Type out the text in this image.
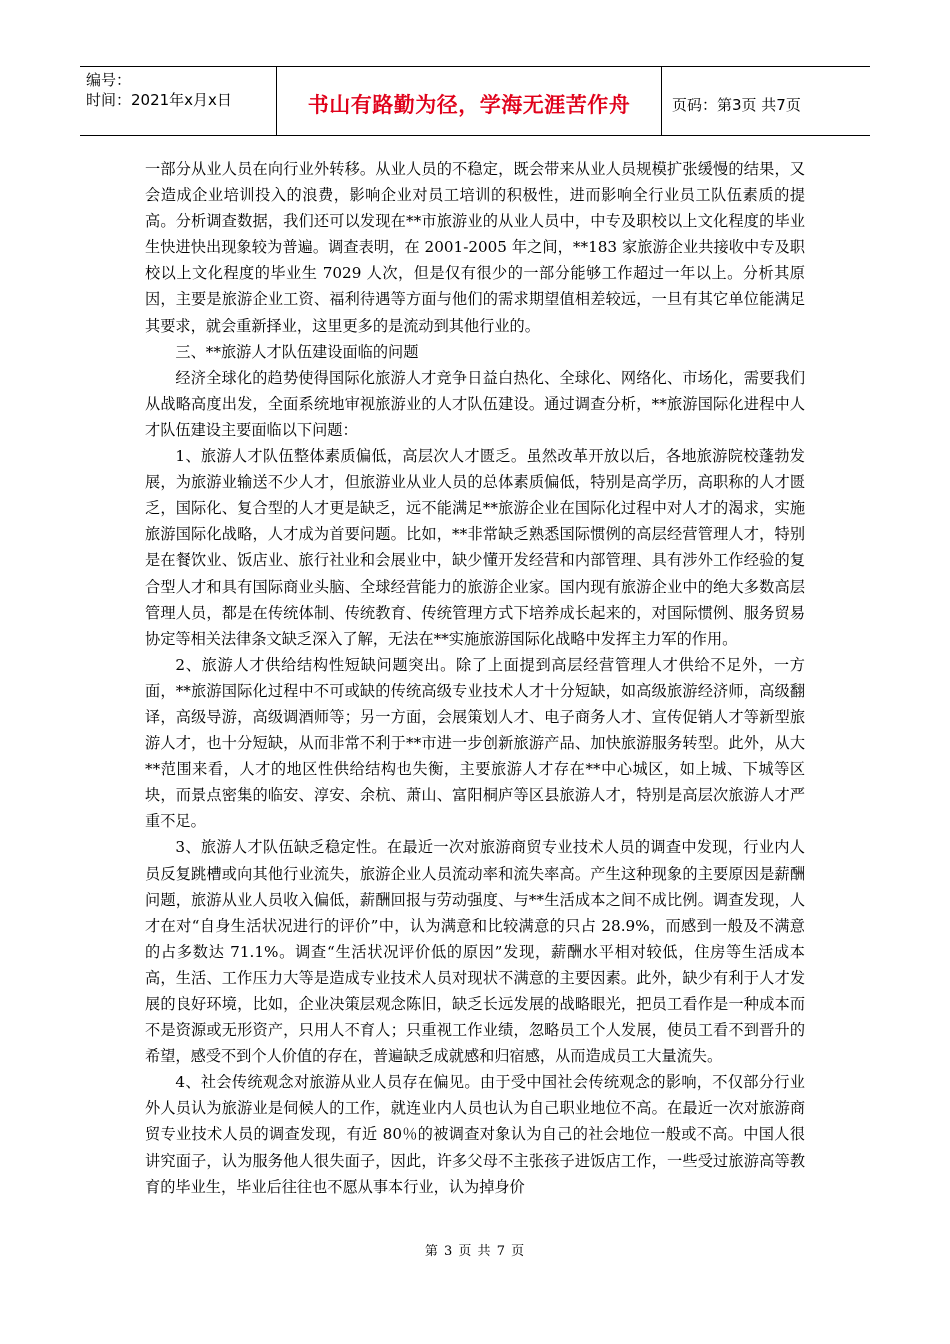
编号：
时间：2021年x月x日	书山有路勤为径，学海无涯苦作舟	页码：第3页 共7页

一部分从业人员在向行业外转移。从业人员的不稳定，既会带来从业人员规模扩张缓慢的结果，又会造成企业培训投入的浪费，影响企业对员工培训的积极性，进而影响全行业员工队伍素质的提高。分析调查数据，我们还可以发现在**市旅游业的从业人员中，中专及职校以上文化程度的毕业生快进快出现象较为普遍。调查表明，在 2001-2005 年之间，**183 家旅游企业共接收中专及职校以上文化程度的毕业生 7029 人次，但是仅有很少的一部分能够工作超过一年以上。分析其原因，主要是旅游企业工资、福利待遇等方面与他们的需求期望值相差较远，一旦有其它单位能满足其要求，就会重新择业，这里更多的是流动到其他行业的。

三、**旅游人才队伍建设面临的问题

经济全球化的趋势使得国际化旅游人才竞争日益白热化、全球化、网络化、市场化，需要我们从战略高度出发，全面系统地审视旅游业的人才队伍建设。通过调查分析，**旅游国际化进程中人才队伍建设主要面临以下问题：

1、旅游人才队伍整体素质偏低，高层次人才匮乏。虽然改革开放以后，各地旅游院校蓬勃发展，为旅游业输送不少人才，但旅游业从业人员的总体素质偏低，特别是高学历，高职称的人才匮乏，国际化、复合型的人才更是缺乏，远不能满足**旅游企业在国际化过程中对人才的渴求，实施旅游国际化战略，人才成为首要问题。比如，**非常缺乏熟悉国际惯例的高层经营管理人才，特别是在餐饮业、饭店业、旅行社业和会展业中，缺少懂开发经营和内部管理、具有涉外工作经验的复合型人才和具有国际商业头脑、全球经营能力的旅游企业家。国内现有旅游企业中的绝大多数高层管理人员，都是在传统体制、传统教育、传统管理方式下培养成长起来的，对国际惯例、服务贸易协定等相关法律条文缺乏深入了解，无法在**实施旅游国际化战略中发挥主力军的作用。

2、旅游人才供给结构性短缺问题突出。除了上面提到高层经营管理人才供给不足外，一方面，**旅游国际化过程中不可或缺的传统高级专业技术人才十分短缺，如高级旅游经济师，高级翻译，高级导游，高级调酒师等；另一方面，会展策划人才、电子商务人才、宣传促销人才等新型旅游人才，也十分短缺，从而非常不利于**市进一步创新旅游产品、加快旅游服务转型。此外，从大**范围来看，人才的地区性供给结构也失衡，主要旅游人才存在**中心城区，如上城、下城等区块，而景点密集的临安、淳安、余杭、萧山、富阳桐庐等区县旅游人才，特别是高层次旅游人才严重不足。

3、旅游人才队伍缺乏稳定性。在最近一次对旅游商贸专业技术人员的调查中发现，行业内人员反复跳槽或向其他行业流失，旅游企业人员流动率和流失率高。产生这种现象的主要原因是薪酬问题，旅游从业人员收入偏低，薪酬回报与劳动强度、与**生活成本之间不成比例。调查发现，人才在对“自身生活状况进行的评价”中，认为满意和比较满意的只占 28.9%，而感到一般及不满意的占多数达 71.1%。调查“生活状况评价低的原因”发现，薪酬水平相对较低，住房等生活成本高，生活、工作压力大等是造成专业技术人员对现状不满意的主要因素。此外，缺少有利于人才发展的良好环境，比如，企业决策层观念陈旧，缺乏长远发展的战略眼光，把员工看作是一种成本而不是资源或无形资产，只用人不育人；只重视工作业绩，忽略员工个人发展，使员工看不到晋升的希望，感受不到个人价值的存在，普遍缺乏成就感和归宿感，从而造成员工大量流失。

4、社会传统观念对旅游从业人员存在偏见。由于受中国社会传统观念的影响，不仅部分行业外人员认为旅游业是伺候人的工作，就连业内人员也认为自己职业地位不高。在最近一次对旅游商贸专业技术人员的调查发现，有近 80％的被调查对象认为自己的社会地位一般或不高。中国人很讲究面子，认为服务他人很失面子，因此，许多父母不主张孩子进饭店工作，一些受过旅游高等教育的毕业生，毕业后往往也不愿从事本行业，认为掉身价

第 3 页 共 7 页
